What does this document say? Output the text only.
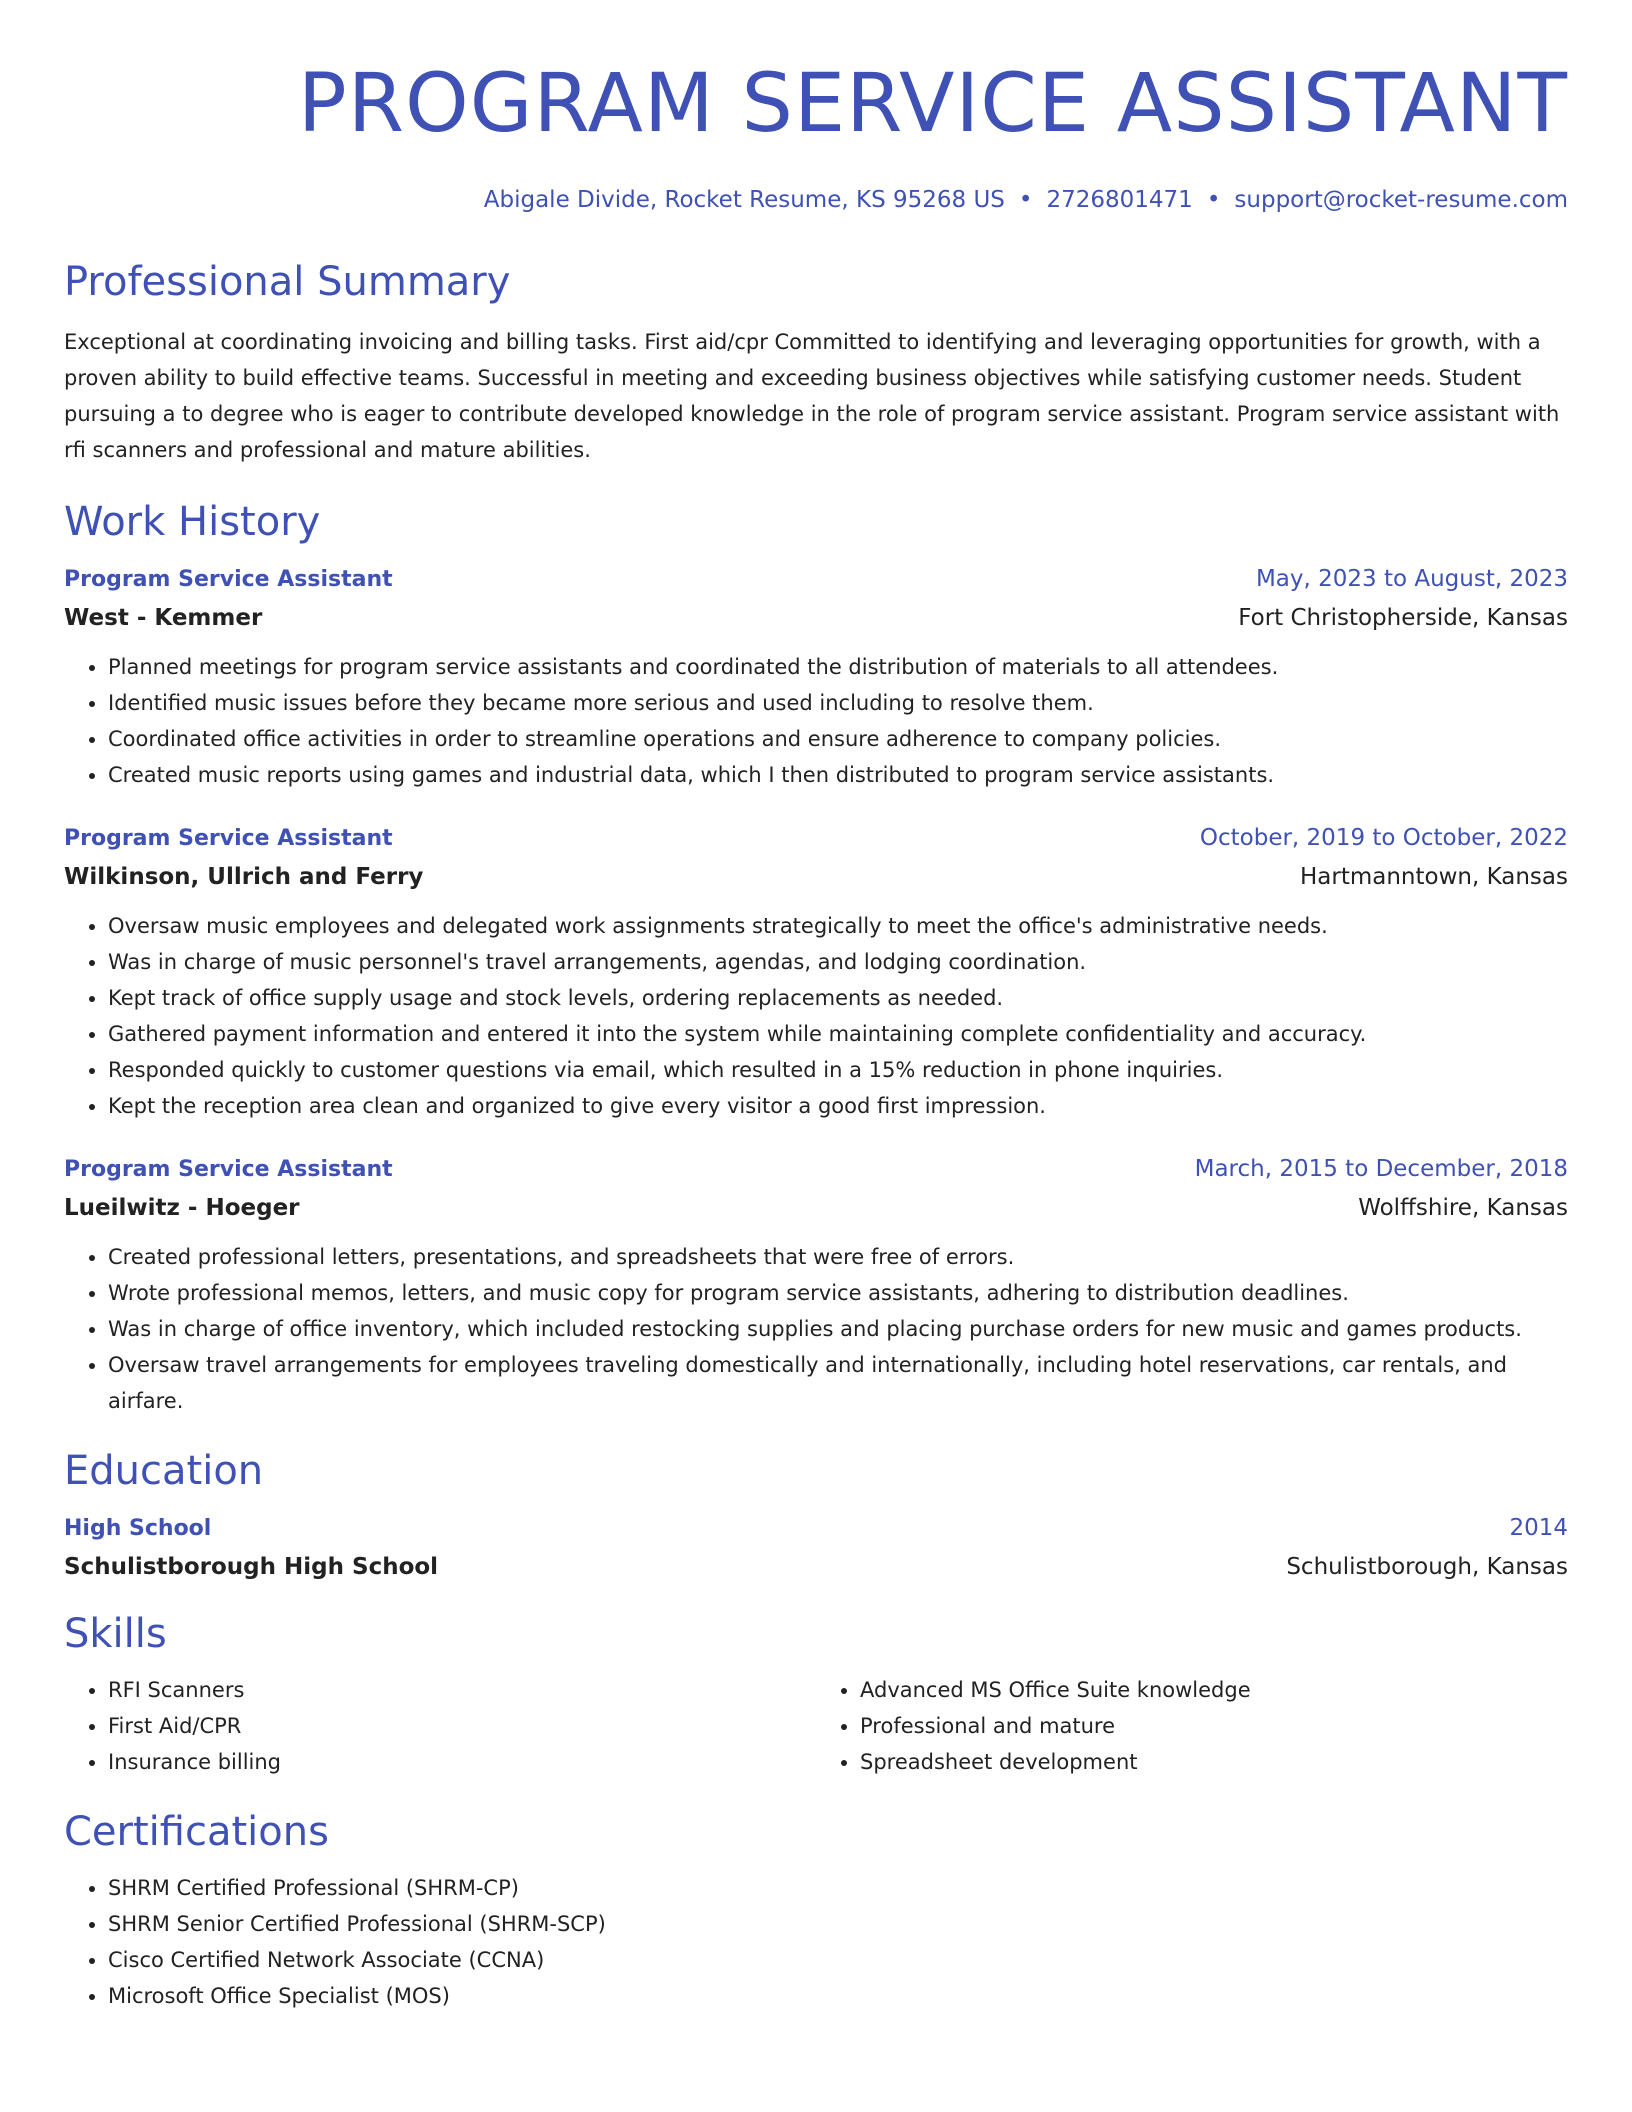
PROGRAM SERVICE ASSISTANT
Abigale Divide, Rocket Resume, KS 95268 US • 2726801471 • support@rocket-resume.com
Professional Summary
Exceptional at coordinating invoicing and billing tasks. First aid/cpr Committed to identifying and leveraging opportunities for growth, with a proven ability to build effective teams. Successful in meeting and exceeding business objectives while satisfying customer needs. Student pursuing a to degree who is eager to contribute developed knowledge in the role of program service assistant. Program service assistant with rfi scanners and professional and mature abilities.
Work History
Program Service Assistant	May, 2023 to August, 2023
West - Kemmer	Fort Christopherside, Kansas
• Planned meetings for program service assistants and coordinated the distribution of materials to all attendees.
• Identified music issues before they became more serious and used including to resolve them.
• Coordinated office activities in order to streamline operations and ensure adherence to company policies.
• Created music reports using games and industrial data, which I then distributed to program service assistants.
Program Service Assistant	October, 2019 to October, 2022
Wilkinson, Ullrich and Ferry	Hartmanntown, Kansas
• Oversaw music employees and delegated work assignments strategically to meet the office's administrative needs.
• Was in charge of music personnel's travel arrangements, agendas, and lodging coordination.
• Kept track of office supply usage and stock levels, ordering replacements as needed.
• Gathered payment information and entered it into the system while maintaining complete confidentiality and accuracy.
• Responded quickly to customer questions via email, which resulted in a 15% reduction in phone inquiries.
• Kept the reception area clean and organized to give every visitor a good first impression.
Program Service Assistant	March, 2015 to December, 2018
Lueilwitz - Hoeger	Wolffshire, Kansas
• Created professional letters, presentations, and spreadsheets that were free of errors.
• Wrote professional memos, letters, and music copy for program service assistants, adhering to distribution deadlines.
• Was in charge of office inventory, which included restocking supplies and placing purchase orders for new music and games products.
• Oversaw travel arrangements for employees traveling domestically and internationally, including hotel reservations, car rentals, and airfare.
Education
High School	2014
Schulistborough High School	Schulistborough, Kansas
Skills
• RFI Scanners
• First Aid/CPR
• Insurance billing
• Advanced MS Office Suite knowledge
• Professional and mature
• Spreadsheet development
Certifications
• SHRM Certified Professional (SHRM-CP)
• SHRM Senior Certified Professional (SHRM-SCP)
• Cisco Certified Network Associate (CCNA)
• Microsoft Office Specialist (MOS)
